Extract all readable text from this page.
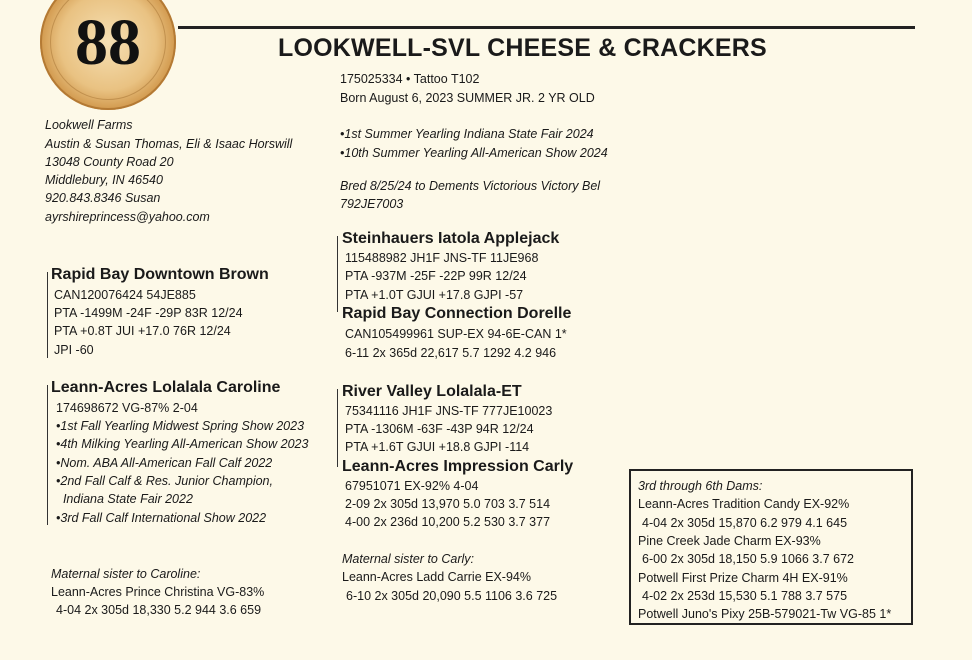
88	LOOKWELL-SVL CHEESE & CRACKERS
175025334 • Tattoo T102
Born August 6, 2023 SUMMER JR. 2 YR OLD
•1st Summer Yearling Indiana State Fair 2024
•10th Summer Yearling All-American Show 2024
Bred 8/25/24 to Dements Victorious Victory Bel
792JE7003
Lookwell Farms
Austin & Susan Thomas, Eli & Isaac Horswill
13048 County Road 20
Middlebury, IN 46540
920.843.8346 Susan
ayrshireprincess@yahoo.com
Steinhauers Iatola Applejack
115488982 JH1F JNS-TF 11JE968
PTA -937M -25F -22P 99R 12/24
PTA +1.0T GJUI +17.8 GJPI -57
Rapid Bay Connection Dorelle
CAN105499961 SUP-EX 94-6E-CAN 1*
6-11 2x 365d 22,617 5.7 1292 4.2 946
River Valley Lolalala-ET
75341116 JH1F JNS-TF 777JE10023
PTA -1306M -63F -43P 94R 12/24
PTA +1.6T GJUI +18.8 GJPI -114
Leann-Acres Impression Carly
67951071 EX-92% 4-04
2-09 2x 305d 13,970 5.0 703 3.7 514
4-00 2x 236d 10,200 5.2 530 3.7 377
Rapid Bay Downtown Brown
CAN120076424 54JE885
PTA -1499M -24F -29P 83R 12/24
PTA +0.8T JUI +17.0 76R 12/24
JPI -60
Leann-Acres Lolalala Caroline
174698672 VG-87% 2-04
•1st Fall Yearling Midwest Spring Show 2023
•4th Milking Yearling All-American Show 2023
•Nom. ABA All-American Fall Calf 2022
•2nd Fall Calf & Res. Junior Champion,
Indiana State Fair 2022
•3rd Fall Calf International Show 2022
Maternal sister to Caroline:
Leann-Acres Prince Christina VG-83%
4-04 2x 305d 18,330 5.2 944 3.6 659
Maternal sister to Carly:
Leann-Acres Ladd Carrie EX-94%
6-10 2x 305d 20,090 5.5 1106 3.6 725
3rd through 6th Dams:
Leann-Acres Tradition Candy EX-92%
4-04 2x 305d 15,870 6.2 979 4.1 645
Pine Creek Jade Charm EX-93%
6-00 2x 305d 18,150 5.9 1066 3.7 672
Potwell First Prize Charm 4H EX-91%
4-02 2x 253d 15,530 5.1 788 3.7 575
Potwell Juno's Pixy 25B-579021-Tw VG-85 1*
